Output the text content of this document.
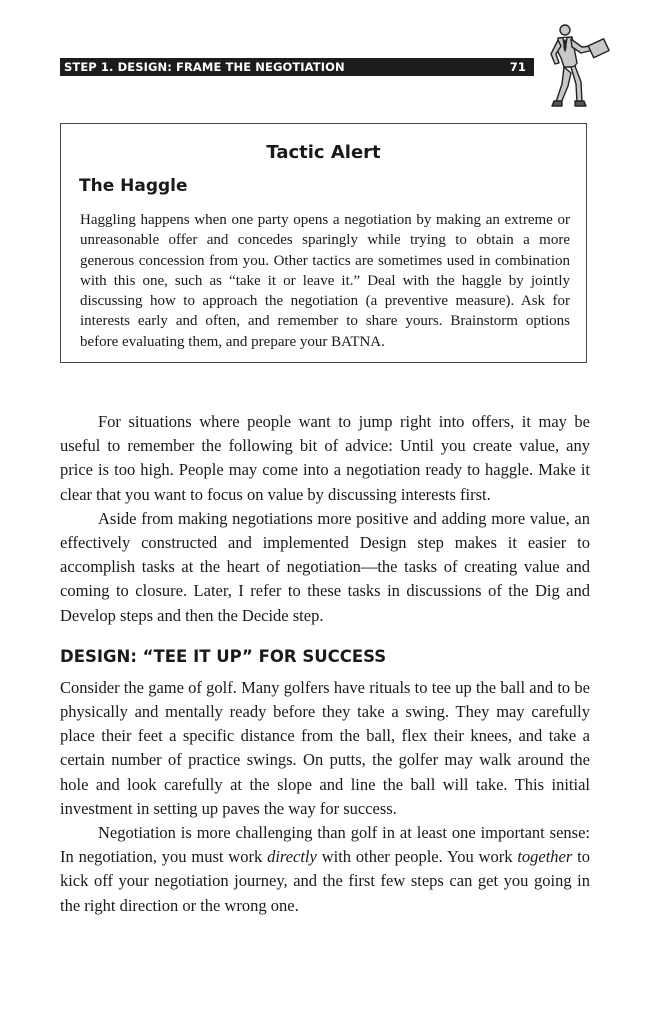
STEP 1. DESIGN: FRAME THE NEGOTIATION	71
Tactic Alert
The Haggle

Haggling happens when one party opens a negotiation by making an extreme or unreasonable offer and concedes sparingly while trying to obtain a more generous concession from you. Other tactics are sometimes used in combination with this one, such as “take it or leave it.” Deal with the haggle by jointly discussing how to approach the negotiation (a preventive measure). Ask for interests early and often, and remember to share yours. Brainstorm options before evaluating them, and prepare your BATNA.

For situations where people want to jump right into offers, it may be useful to remember the following bit of advice: Until you create value, any price is too high. People may come into a negotiation ready to haggle. Make it clear that you want to focus on value by discussing interests first.

Aside from making negotiations more positive and adding more value, an effectively constructed and implemented Design step makes it easier to accomplish tasks at the heart of negotiation—the tasks of creating value and coming to closure. Later, I refer to these tasks in discussions of the Dig and Develop steps and then the Decide step.

DESIGN: “TEE IT UP” FOR SUCCESS

Consider the game of golf. Many golfers have rituals to tee up the ball and to be physically and mentally ready before they take a swing. They may carefully place their feet a specific distance from the ball, flex their knees, and take a certain number of practice swings. On putts, the golfer may walk around the hole and look carefully at the slope and line the ball will take. This initial investment in setting up paves the way for success.

Negotiation is more challenging than golf in at least one important sense: In negotiation, you must work directly with other people. You work together to kick off your negotiation journey, and the first few steps can get you going in the right direction or the wrong one.
